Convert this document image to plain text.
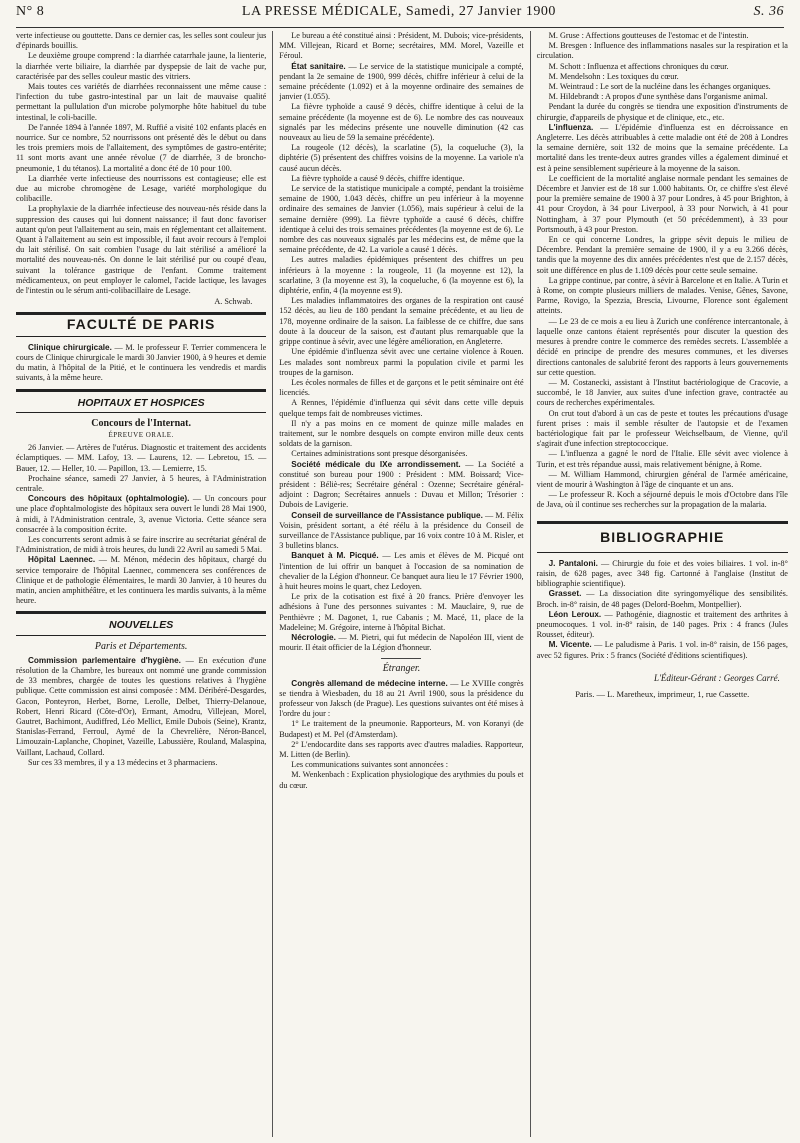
N° 8	LA PRESSE MÉDICALE, Samedi, 27 Janvier 1900	S. 36

verte infectieuse ou gouttette. Dans ce dernier cas, les selles sont couleur jus d'épinards bouillis.

Le deuxième groupe comprend : la diarrhée catarrhale jaune, la lienterie, la diarrhée verte biliaire, la diarrhée par dyspepsie de lait de vache pur, caractérisée par des selles couleur mastic des vitriers.

Mais toutes ces variétés de diarrhées reconnaissent une même cause : l'infection du tube gastro-intestinal par un lait de mauvaise qualité permettant la pullulation d'un microbe polymorphe hôte habituel du tube intestinal, le coli-bacille.

De l'année 1894 à l'année 1897, M. Ruffié a visité 102 enfants placés en nourrice. Sur ce nombre, 52 nourrissons ont présenté dès le début ou dans les trois premiers mois de l'allaitement, des symptômes de gastro-entérite; 11 sont morts avant une année révolue (7 de diarrhée, 3 de broncho-pneumonie, 1 du tétanos). La mortalité a donc été de 10 pour 100.

La diarrhée verte infectieuse des nourrissons est contagieuse; elle est due au microbe chromogène de Lesage, variété morphologique du colibacille.

La prophylaxie de la diarrhée infectieuse des nouveau-nés réside dans la suppression des causes qui lui donnent naissance; il faut donc favoriser autant qu'on peut l'allaitement au sein, mais en réglementant cet allaitement. Quant à l'allaitement au sein est impossible, il faut avoir recours à l'emploi du lait stérilisé. On sait combien l'usage du lait stérilisé a amélioré la mortalité des nouveau-nés. On donne le lait stérilisé pur ou coupé d'eau, suivant la tolérance gastrique de l'enfant. Comme traitement médicamenteux, on peut employer le calomel, l'acide lactique, les lavages de l'intestin ou le sérum anti-colibacillaire de Lesage.

A. Schwab.
FACULTÉ DE PARIS

Clinique chirurgicale. — M. le professeur F. Terrier commencera le cours de Clinique chirurgicale le mardi 30 Janvier 1900, à 9 heures et demie du matin, à l'hôpital de la Pitié, et le continuera les vendredis et mardis suivants, à la même heure.

HOPITAUX ET HOSPICES
Concours de l'Internat.
ÉPREUVE ORALE.

26 Janvier. — Artères de l'utérus. Diagnostic et traitement des accidents éclamptiques. — MM. Lafoy, 13. — Laurens, 12. — Lebretou, 15. — Bauer, 12. — Heller, 10. — Papillon, 13. — Lemierre, 15.

Prochaine séance, samedi 27 Janvier, à 5 heures, à l'Administration centrale.

Concours des hôpitaux (ophtalmologie). — Un concours pour une place d'ophtalmologiste des hôpitaux sera ouvert le lundi 28 Mai 1900, à midi, à l'Administration centrale, 3, avenue Victoria. Cette séance sera consacrée à la composition écrite.

Les concurrents seront admis à se faire inscrire au secrétariat général de l'Administration, de midi à trois heures, du lundi 22 Avril au samedi 5 Mai.

Hôpital Laennec. — M. Ménon, médecin des hôpitaux, chargé du service temporaire de l'hôpital Laennec, commencera ses conférences de Clinique et de pathologie élémentaires, le mardi 30 Janvier, à 10 heures du matin, ancien amphithéâtre, et les continuera les mardis suivants, à la même heure.

NOUVELLES
Paris et Départements.

Commission parlementaire d'hygiène. — En exécution d'une résolution de la Chambre, les bureaux ont nommé une grande commission de 33 membres, chargée de toutes les questions relatives à l'hygiène publique. Cette commission est ainsi composée : MM. Déribéré-Desgardes, Gacon, Ponteyron, Herbet, Borne, Lerolle, Delbet, Thierry-Delanoue, Robert, Henri Ricard (Côte-d'Or), Ermant, Amodru, Villejean, Morel, Gautret, Bachimont, Audiffred, Léo Mellict, Emile Dubois (Seine), Krantz, Stanislas-Ferrand, Ferroul, Aymé de la Chevrelière, Néron-Bancel, Limouzain-Laplanche, Chopinet, Vazeille, Labussière, Rouland, Malaspina, Vaillant, Lachaud, Collard.

Sur ces 33 membres, il y a 13 médecins et 3 pharmaciens.

Le bureau a été constitué ainsi : Président, M. Dubois; vice-présidents, MM. Villejean, Ricard et Borne; secrétaires, MM. Morel, Vazeille et Féroul.

État sanitaire. — Le service de la statistique municipale a compté, pendant la 2e semaine de 1900, 999 décès, chiffre inférieur à celui de la semaine précédente (1.092) et à la moyenne ordinaire des semaines de janvier (1.055).

La fièvre typhoïde a causé 9 décès, chiffre identique à celui de la semaine précédente (la moyenne est de 6). Le nombre des cas nouveaux signalés par les médecins présente une nouvelle diminution (42 cas nouveaux au lieu de 59 la semaine précédente).

La rougeole (12 décès), la scarlatine (5), la coqueluche (3), la diphtérie (5) présentent des chiffres voisins de la moyenne. La variole n'a causé aucun décès.

La fièvre typhoïde a causé 9 décès, chiffre identique.

Le service de la statistique municipale a compté, pendant la troisième semaine de 1900, 1.043 décès, chiffre un peu inférieur à la moyenne ordinaire des semaines de Janvier (1.056), mais supérieur à celui de la semaine dernière (999). La fièvre typhoïde a causé 6 décès, chiffre identique à celui des trois semaines précédentes (la moyenne est de 6). Le nombre des cas nouveaux signalés par les médecins est, de même que la semaine précédente, de 42. La variole a causé 1 décès.

Les autres maladies épidémiques présentent des chiffres un peu inférieurs à la moyenne : la rougeole, 11 (la moyenne est 12), la scarlatine, 3 (la moyenne est 3), la coqueluche, 6 (la moyenne est 6), la diphtérie, enfin, 4 (la moyenne est 9).

Les maladies inflammatoires des organes de la respiration ont causé 152 décès, au lieu de 180 pendant la semaine précédente, et au lieu de 178, moyenne ordinaire de la saison. La faiblesse de ce chiffre, due sans doute à la douceur de la saison, est d'autant plus remarquable que la grippe continue à sévir, avec une légère amélioration, en Angleterre.

Une épidémie d'influenza sévit avec une certaine violence à Rouen. Les malades sont nombreux parmi la population civile et parmi les troupes de la garnison.

Les écoles normales de filles et de garçons et le petit séminaire ont été licenciés.

A Rennes, l'épidémie d'influenza qui sévit dans cette ville depuis quelque temps fait de nombreuses victimes.

Il n'y a pas moins en ce moment de quinze mille malades en traitement, sur le nombre desquels on compte environ mille deux cents soldats de la garnison.

Certaines administrations sont presque désorganisées.

Société médicale du IXe arrondissement. — La Société a constitué son bureau pour 1900 : Président : MM. Boissard; Vice-président : Béliè-res; Secrétaire général : Ozenne; Secrétaire général-adjoint : Dagron; Secrétaires annuels : Duvau et Millon; Trésorier : Dubois de Lavigerie.

Conseil de surveillance de l'Assistance publique. — M. Félix Voisin, président sortant, a été réélu à la présidence du Conseil de surveillance de l'Assistance publique, par 16 voix contre 10 à M. Risler, et 3 bulletins blancs.

Banquet à M. Picqué. — Les amis et élèves de M. Picqué ont l'intention de lui offrir un banquet à l'occasion de sa nomination de chevalier de la Légion d'honneur. Ce banquet aura lieu le 17 Février 1900, à huit heures moins le quart, chez Ledoyen.

Le prix de la cotisation est fixé à 20 francs. Prière d'envoyer les adhésions à l'une des personnes suivantes : M. Mauclaire, 9, rue de Penthièvre ; M. Dagonet, 1, rue Cabanis ; M. Macé, 11, place de la Madeleine; M. Grégoire, interne à l'hôpital Bichat.

Nécrologie. — M. Pietri, qui fut médecin de Napoléon III, vient de mourir. Il était officier de la Légion d'honneur.

Étranger.

Congrès allemand de médecine interne. — Le XVIIIe congrès se tiendra à Wiesbaden, du 18 au 21 Avril 1900, sous la présidence du professeur von Jaksch (de Prague). Les questions suivantes ont été mises à l'ordre du jour :

1° Le traitement de la pneumonie. Rapporteurs, M. von Koranyi (de Budapest) et M. Pel (d'Amsterdam).

2° L'endocardite dans ses rapports avec d'autres maladies. Rapporteur, M. Litten (de Berlin).

Les communications suivantes sont annoncées :

M. Wenkenbach : Explication physiologique des arythmies du pouls et du cœur.

M. Gruse : Affections goutteuses de l'estomac et de l'intestin.

M. Bresgen : Influence des inflammations nasales sur la respiration et la circulation.

M. Schott : Influenza et affections chroniques du cœur.

M. Mendelsohn : Les toxiques du cœur.

M. Weintraud : Le sort de la nucléine dans les échanges organiques.

M. Hildebrandt : A propos d'une synthèse dans l'organisme animal.

Pendant la durée du congrès se tiendra une exposition d'instruments de chirurgie, d'appareils de physique et de clinique, etc., etc.

L'influenza. — L'épidémie d'influenza est en décroissance en Angleterre. Les décès attribuables à cette maladie ont été de 208 à Londres la semaine dernière, soit 132 de moins que la semaine précédente. La mortalité dans les trente-deux autres grandes villes a également diminué et est à peine sensiblement supérieure à la moyenne de la saison.

Le coefficient de la mortalité anglaise normale pendant les semaines de Décembre et Janvier est de 18 sur 1.000 habitants. Or, ce chiffre s'est élevé pour la première semaine de 1900 à 37 pour Londres, à 45 pour Brighton, à 41 pour Croydon, à 34 pour Liverpool, à 33 pour Norwich, à 41 pour Nottingham, à 37 pour Plymouth (et 50 précédemment), à 33 pour Portsmouth, à 43 pour Preston.

En ce qui concerne Londres, la grippe sévit depuis le milieu de Décembre. Pendant la première semaine de 1900, il y a eu 3.266 décès, tandis que la moyenne des dix années précédentes n'est que de 2.157 décès, soit une différence en plus de 1.109 décès pour cette seule semaine.

La grippe continue, par contre, à sévir à Barcelone et en Italie. A Turin et à Rome, on compte plusieurs milliers de malades. Venise, Gênes, Savone, Parme, Rovigo, la Spezzia, Brescia, Livourne, Florence sont également atteints.

— Le 23 de ce mois a eu lieu à Zurich une conférence intercantonale, à laquelle onze cantons étaient représentés pour discuter la question des mesures à prendre contre le commerce des remèdes secrets. L'assemblée a décidé en principe de prendre des mesures communes, et les diverses directions cantonales de salubrité feront des rapports à leurs gouvernements sur cette question.

— M. Costanecki, assistant à l'Institut bactériologique de Cracovie, a succombé, le 18 Janvier, aux suites d'une infection grave, contractée au cours de recherches expérimentales.

On crut tout d'abord à un cas de peste et toutes les précautions d'usage furent prises : mais il semble résulter de l'autopsie et de l'examen bactériologique fait par le professeur Weichselbaum, de Vienne, qu'il s'agirait d'une infection streptococcique.

— L'influenza a gagné le nord de l'Italie. Elle sévit avec violence à Turin, et est très répandue aussi, mais relativement bénigne, à Rome.

— M. William Hammond, chirurgien général de l'armée américaine, vient de mourir à Washington à l'âge de cinquante et un ans.

— Le professeur R. Koch a séjourné depuis le mois d'Octobre dans l'île de Java, où il continue ses recherches sur la propagation de la malaria.

BIBLIOGRAPHIE

J. Pantaloni. — Chirurgie du foie et des voies biliaires. 1 vol. in-8° raisin, de 628 pages, avec 348 fig. Cartonné à l'anglaise (Institut de bibliographie scientifique).

Grasset. — La dissociation dite syringomyélique des sensibilités. Broch. in-8° raisin, de 48 pages (Delord-Boehm, Montpellier).

Léon Leroux. — Pathogénie, diagnostic et traitement des arthrites à pneumocoques. 1 vol. in-8° raisin, de 140 pages. Prix : 4 francs (Jules Rousset, éditeur).

M. Vicente. — Le paludisme à Paris. 1 vol. in-8° raisin, de 156 pages, avec 52 figures. Prix : 5 francs (Société d'éditions scientifiques).

L'Éditeur-Gérant : Georges Carré.
Paris. — L. Maretheux, imprimeur, 1, rue Cassette.
